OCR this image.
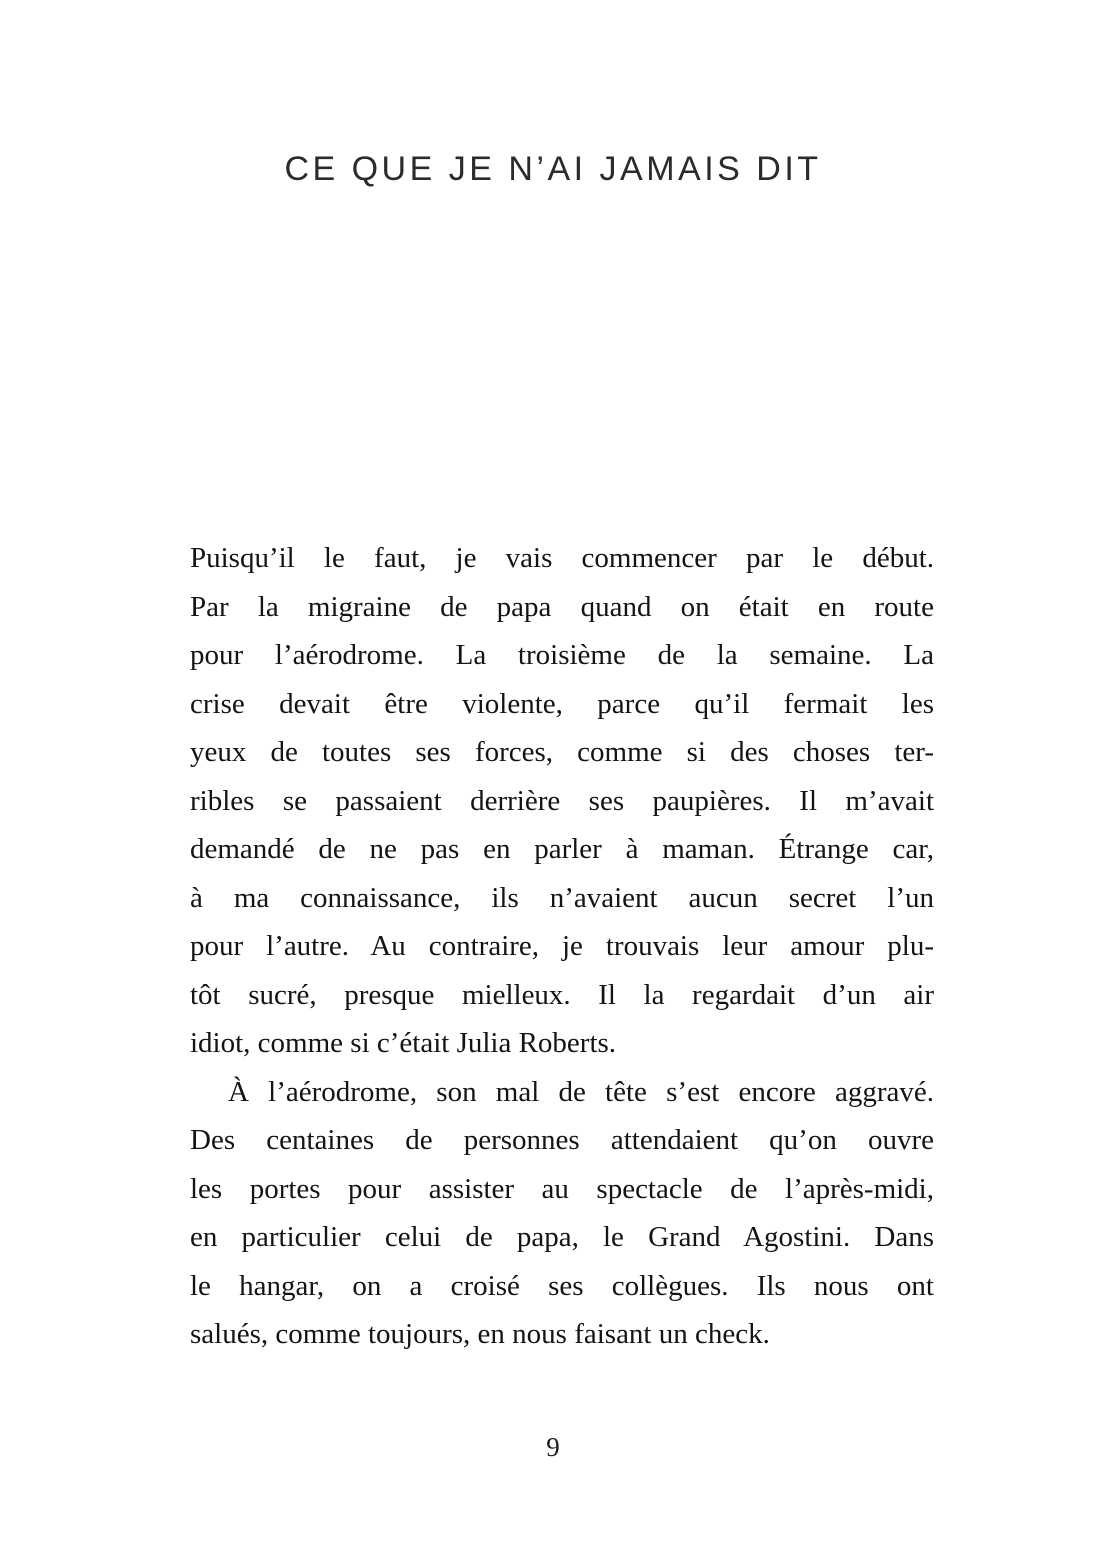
CE QUE JE N’AI JAMAIS DIT
Puisqu’il le faut, je vais commencer par le début.
Par la migraine de papa quand on était en route
pour l’aérodrome. La troisième de la semaine. La
crise devait être violente, parce qu’il fermait les
yeux de toutes ses forces, comme si des choses ter-
ribles se passaient derrière ses paupières. Il m’avait
demandé de ne pas en parler à maman. Étrange car,
à ma connaissance, ils n’avaient aucun secret l’un
pour l’autre. Au contraire, je trouvais leur amour plu-
tôt sucré, presque mielleux. Il la regardait d’un air
idiot, comme si c’était Julia Roberts.
À l’aérodrome, son mal de tête s’est encore aggravé.
Des centaines de personnes attendaient qu’on ouvre
les portes pour assister au spectacle de l’après-midi,
en particulier celui de papa, le Grand Agostini. Dans
le hangar, on a croisé ses collègues. Ils nous ont
salués, comme toujours, en nous faisant un check.
9
